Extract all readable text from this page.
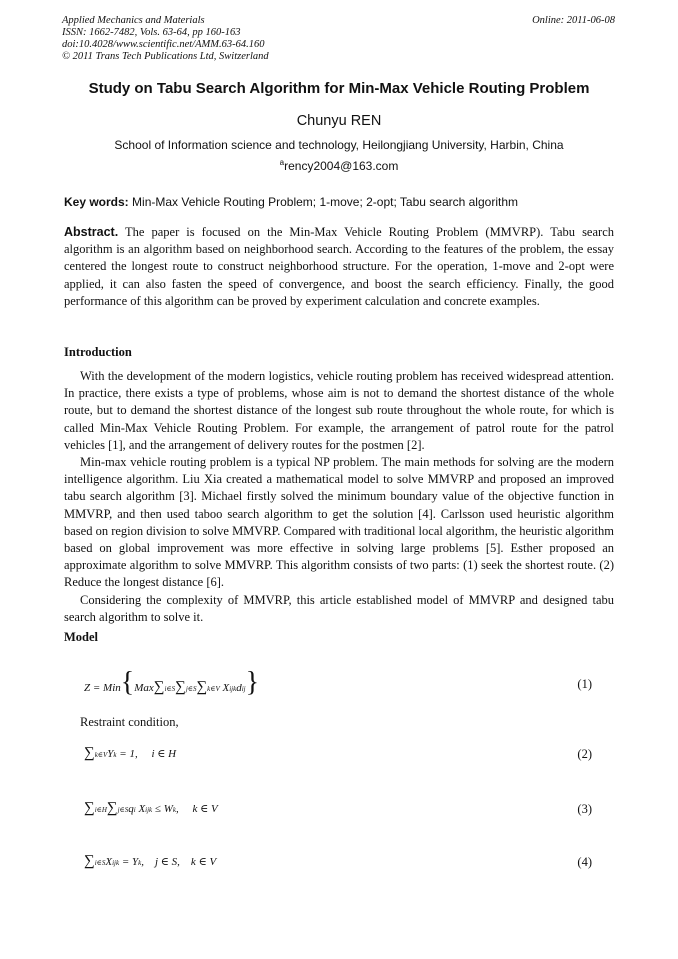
Applied Mechanics and Materials
ISSN: 1662-7482, Vols. 63-64, pp 160-163
doi:10.4028/www.scientific.net/AMM.63-64.160
© 2011 Trans Tech Publications Ltd, Switzerland
Online: 2011-06-08
Study on Tabu Search Algorithm for Min-Max Vehicle Routing Problem
Chunyu REN
School of Information science and technology, Heilongjiang University, Harbin, China
$^a$rency2004@163.com
Key words: Min-Max Vehicle Routing Problem; 1-move; 2-opt; Tabu search algorithm
Abstract. The paper is focused on the Min-Max Vehicle Routing Problem (MMVRP). Tabu search algorithm is an algorithm based on neighborhood search. According to the features of the problem, the essay centered the longest route to construct neighborhood structure. For the operation, 1-move and 2-opt were applied, it can also fasten the speed of convergence, and boost the search efficiency. Finally, the good performance of this algorithm can be proved by experiment calculation and concrete examples.
Introduction

With the development of the modern logistics, vehicle routing problem has received widespread attention. In practice, there exists a type of problems, whose aim is not to demand the shortest distance of the whole route, but to demand the shortest distance of the longest sub route throughout the whole route, for which is called Min-Max Vehicle Routing Problem. For example, the arrangement of patrol route for the patrol vehicles [1], and the arrangement of delivery routes for the postmen [2].

Min-max vehicle routing problem is a typical NP problem. The main methods for solving are the modern intelligence algorithm. Liu Xia created a mathematical model to solve MMVRP and proposed an improved tabu search algorithm [3]. Michael firstly solved the minimum boundary value of the objective function in MMVRP, and then used taboo search algorithm to get the solution [4]. Carlsson used heuristic algorithm based on region division to solve MMVRP. Compared with traditional local algorithm, the heuristic algorithm based on global improvement was more effective in solving large problems [5]. Esther proposed an approximate algorithm to solve MMVRP. This algorithm consists of two parts: (1) seek the shortest route. (2) Reduce the longest distance [6].

Considering the complexity of MMVRP, this article established model of MMVRP and designed tabu search algorithm to solve it.

Model
Z = Min{Max∑i∈S∑j∈S∑k∈V Xijkdij}	(1)
Restraint condition,
∑k∈VYk = 1,     i ∈ H	(2)
∑i∈H∑j∈Sqi Xijk ≤ Wk,     k ∈ V	(3)
∑i∈SXijk = Yk,    j ∈ S,    k ∈ V	(4)
